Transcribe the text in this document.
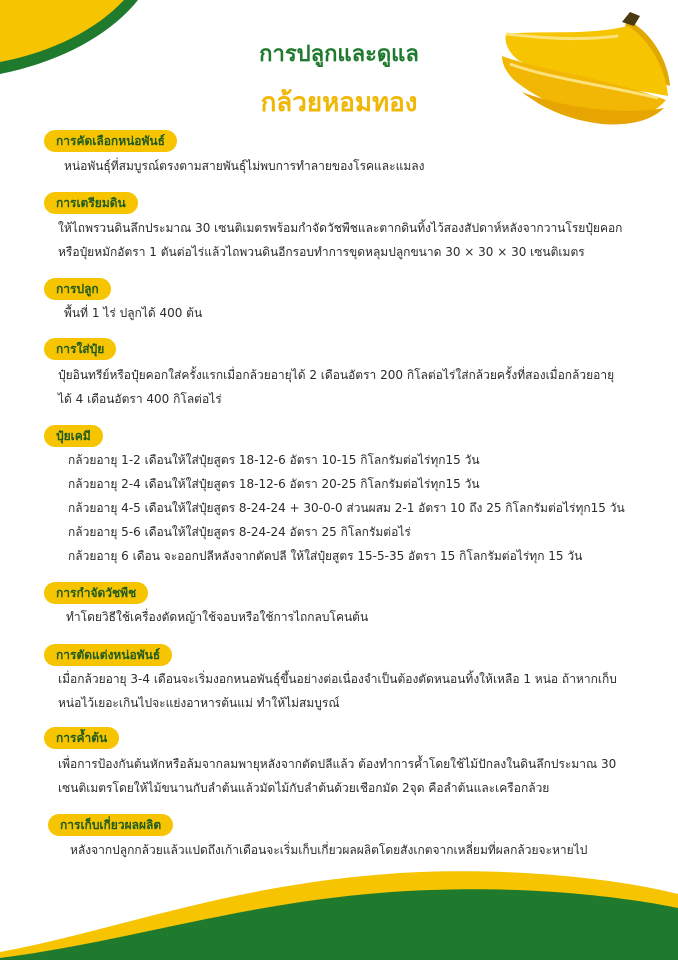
การปลูกและดูแล
กล้วยหอมทอง
การคัดเลือกหน่อพันธ์
หน่อพันธุ์ที่สมบูรณ์ตรงตามสายพันธุ์ไม่พบการทำลายของโรคและแมลง
การเตรียมดิน
ให้ไถพรวนดินลึกประมาณ 30 เซนติเมตรพร้อมกำจัดวัชพืชและตากดินทิ้งไว้สองสัปดาห์หลังจากวานโรยปุ๋ยคอกหรือปุ๋ยหมักอัตรา 1 ตันต่อไร่แล้วไถพวนดินอีกรอบทำการขุดหลุมปลูกขนาด 30 × 30 × 30 เซนติเมตร
การปลูก
พื้นที่ 1 ไร่ ปลูกได้ 400 ต้น
การใส่ปุ๋ย
ปุ๋ยอินทรีย์หรือปุ๋ยคอกใส่ครั้งแรกเมื่อกล้วยอายุได้ 2 เดือนอัตรา 200 กิโลต่อไร่ใส่กล้วยครั้งที่สองเมื่อกล้วยอายุได้ 4 เดือนอัตรา 400 กิโลต่อไร่
ปุ๋ยเคมี
กล้วยอายุ 1-2 เดือนให้ใส่ปุ๋ยสูตร 18-12-6 อัตรา 10-15 กิโลกรัมต่อไร่ทุก15 วัน
กล้วยอายุ 2-4 เดือนให้ใส่ปุ๋ยสูตร 18-12-6 อัตรา 20-25 กิโลกรัมต่อไร่ทุก15 วัน
กล้วยอายุ 4-5 เดือนให้ใส่ปุ๋ยสูตร 8-24-24 + 30-0-0 ส่วนผสม 2-1 อัตรา 10 ถึง 25 กิโลกรัมต่อไร่ทุก15 วัน
กล้วยอายุ 5-6 เดือนให้ใส่ปุ๋ยสูตร 8-24-24 อัตรา 25 กิโลกรัมต่อไร่
กล้วยอายุ 6 เดือน จะออกปลีหลังจากตัดปลี ให้ใส่ปุ๋ยสูตร 15-5-35 อัตรา 15 กิโลกรัมต่อไร่ทุก 15 วัน
การกำจัดวัชพืช
ทำโดยวิธีใช้เครื่องตัดหญ้าใช้จอบหรือใช้การไถกลบโคนต้น
การตัดแต่งหน่อพันธ์
เมื่อกล้วยอายุ 3-4 เดือนจะเริ่มงอกหนอพันธุ์ขึ้นอย่างต่อเนื่องจำเป็นต้องตัดหนอนทิ้งให้เหลือ 1 หน่อ ถ้าหากเก็บหน่อไว้เยอะเกินไปจะแย่งอาหารต้นแม่ ทำให้ไม่สมบูรณ์
การค้ำต้น
เพื่อการป้องกันต้นหักหรือล้มจากลมพายุหลังจากตัดปลีแล้ว ต้องทำการค้ำโดยใช้ไม้ปักลงในดินลึกประมาณ 30 เซนติเมตรโดยให้ไม้ขนานกับลำต้นแล้วมัดไม้กับลำต้นด้วยเชือกมัด 2จุด คือลำต้นและเครือกล้วย
การเก็บเกี่ยวผลผลิต
หลังจากปลูกกล้วยแล้วแปดถึงเก้าเดือนจะเริ่มเก็บเกี่ยวผลผลิตโดยสังเกตจากเหลี่ยมที่ผลกล้วยจะหายไป
